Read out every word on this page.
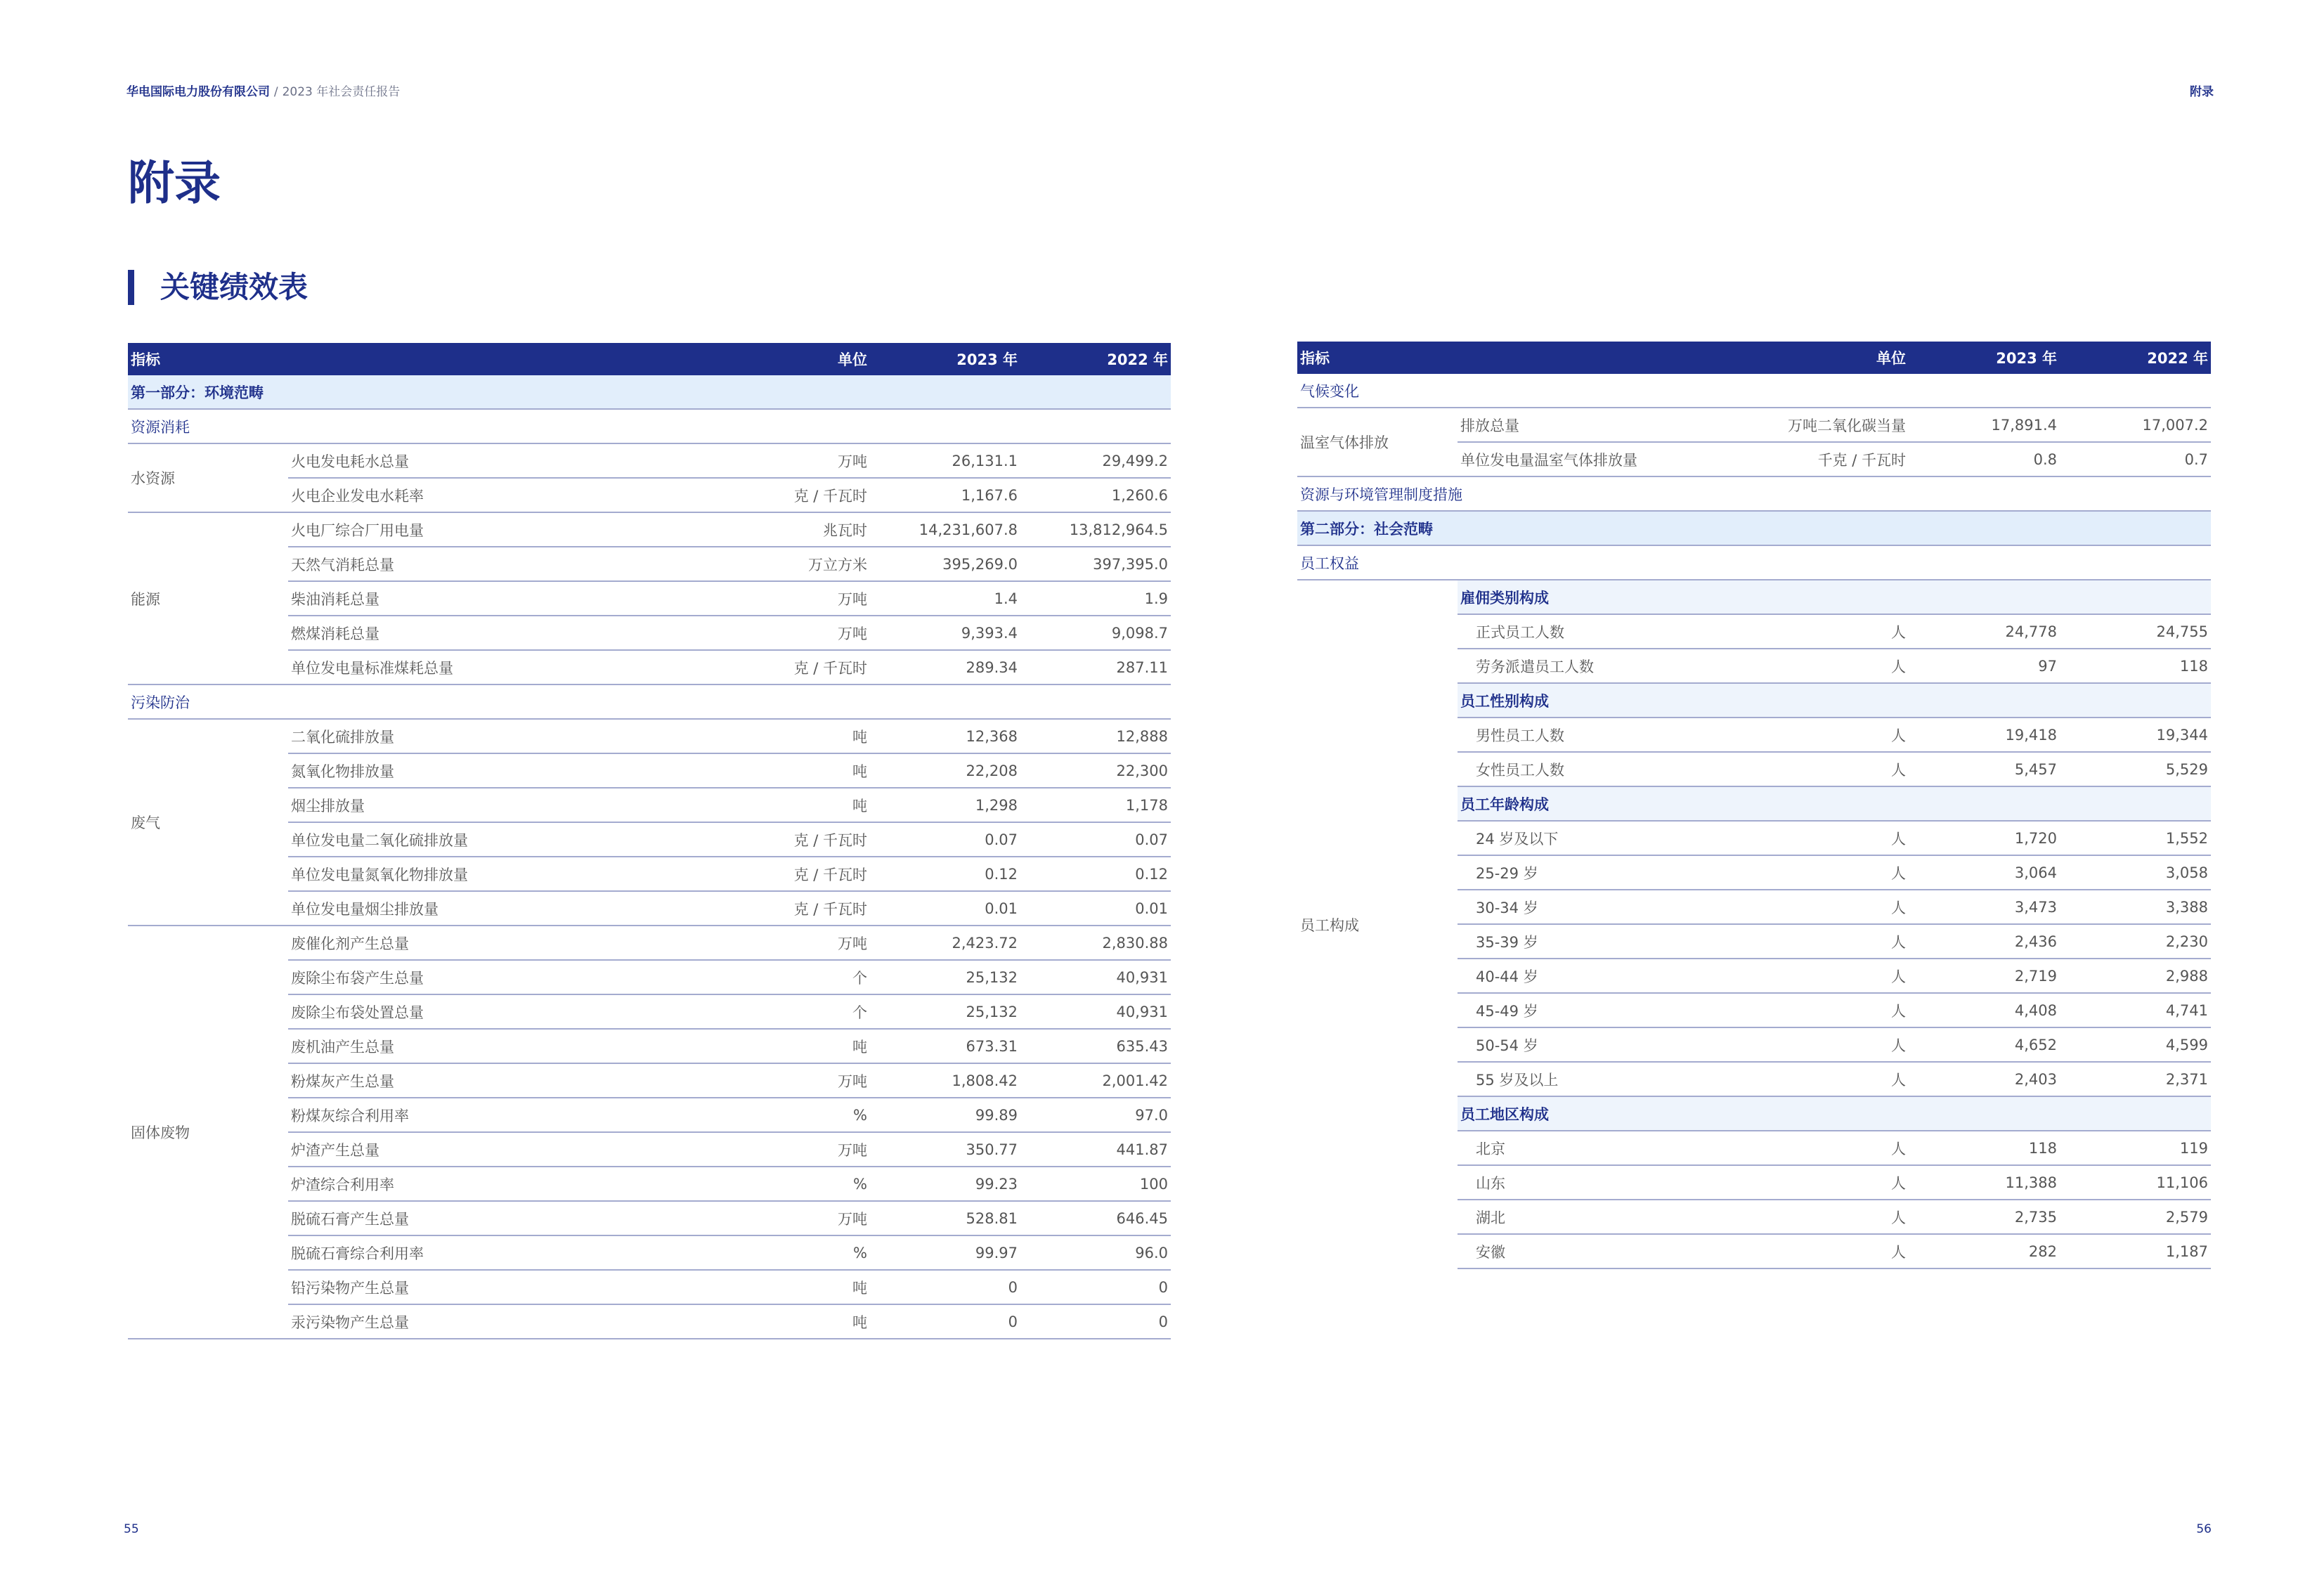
华电国际电力股份有限公司 / 2023 年社会责任报告	附录
附录
关键绩效表
指标		单位	2023 年	2022 年
第一部分：环境范畴				
资源消耗				
水资源	火电发电耗水总量	万吨	26,131.1	29,499.2
	火电企业发电水耗率	克 / 千瓦时	1,167.6	1,260.6
能源	火电厂综合厂用电量	兆瓦时	14,231,607.8	13,812,964.5
	天然气消耗总量	万立方米	395,269.0	397,395.0
	柴油消耗总量	万吨	1.4	1.9
	燃煤消耗总量	万吨	9,393.4	9,098.7
	单位发电量标准煤耗总量	克 / 千瓦时	289.34	287.11
污染防治				
废气	二氧化硫排放量	吨	12,368	12,888
	氮氧化物排放量	吨	22,208	22,300
	烟尘排放量	吨	1,298	1,178
	单位发电量二氧化硫排放量	克 / 千瓦时	0.07	0.07
	单位发电量氮氧化物排放量	克 / 千瓦时	0.12	0.12
	单位发电量烟尘排放量	克 / 千瓦时	0.01	0.01
固体废物	废催化剂产生总量	万吨	2,423.72	2,830.88
	废除尘布袋产生总量	个	25,132	40,931
	废除尘布袋处置总量	个	25,132	40,931
	废机油产生总量	吨	673.31	635.43
	粉煤灰产生总量	万吨	1,808.42	2,001.42
	粉煤灰综合利用率	%	99.89	97.0
	炉渣产生总量	万吨	350.77	441.87
	炉渣综合利用率	%	99.23	100
	脱硫石膏产生总量	万吨	528.81	646.45
	脱硫石膏综合利用率	%	99.97	96.0
	铅污染物产生总量	吨	0	0
	汞污染物产生总量	吨	0	0
指标		单位	2023 年	2022 年
气候变化				
温室气体排放	排放总量	万吨二氧化碳当量	17,891.4	17,007.2
	单位发电量温室气体排放量	千克 / 千瓦时	0.8	0.7
资源与环境管理制度措施				
第二部分：社会范畴				
员工权益				
员工构成	雇佣类别构成			
	正式员工人数	人	24,778	24,755
	劳务派遣员工人数	人	97	118
	员工性别构成			
	男性员工人数	人	19,418	19,344
	女性员工人数	人	5,457	5,529
	员工年龄构成			
	24 岁及以下	人	1,720	1,552
	25-29 岁	人	3,064	3,058
	30-34 岁	人	3,473	3,388
	35-39 岁	人	2,436	2,230
	40-44 岁	人	2,719	2,988
	45-49 岁	人	4,408	4,741
	50-54 岁	人	4,652	4,599
	55 岁及以上	人	2,403	2,371
	员工地区构成			
	北京	人	118	119
	山东	人	11,388	11,106
	湖北	人	2,735	2,579
	安徽	人	282	1,187
55	56
